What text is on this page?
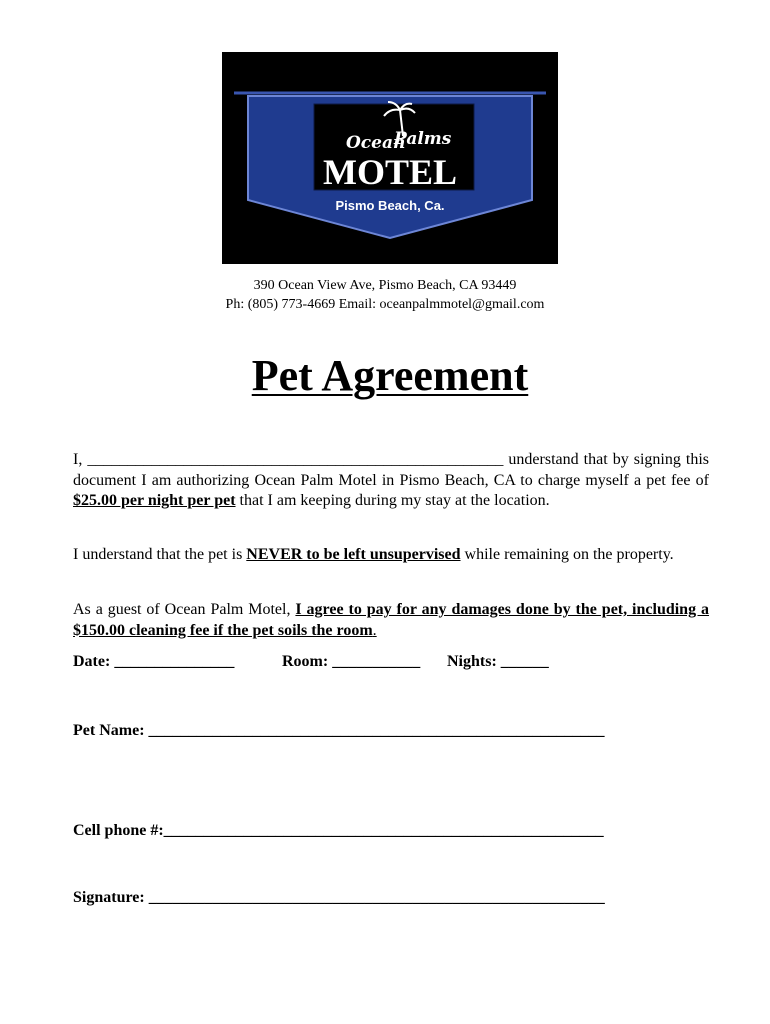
Ocean
Palms
MOTEL
Pismo Beach, Ca.
390 Ocean View Ave, Pismo Beach, CA 93449
Ph: (805) 773-4669 Email: oceanpalmmotel@gmail.com
Pet Agreement

I, ____________________________________________________ understand that by signing this document I am authorizing Ocean Palm Motel in Pismo Beach, CA to charge myself a pet fee of $25.00 per night per pet that I am keeping during my stay at the location.

I understand that the pet is NEVER to be left unsupervised while remaining on the property.

As a guest of Ocean Palm Motel, I agree to pay for any damages done by the pet, including a $150.00 cleaning fee if the pet soils the room.

Date: _______________	Room: ___________ Nights: ______
Pet Name: _________________________________________________________
Cell phone #:_______________________________________________________
Signature: _________________________________________________________
